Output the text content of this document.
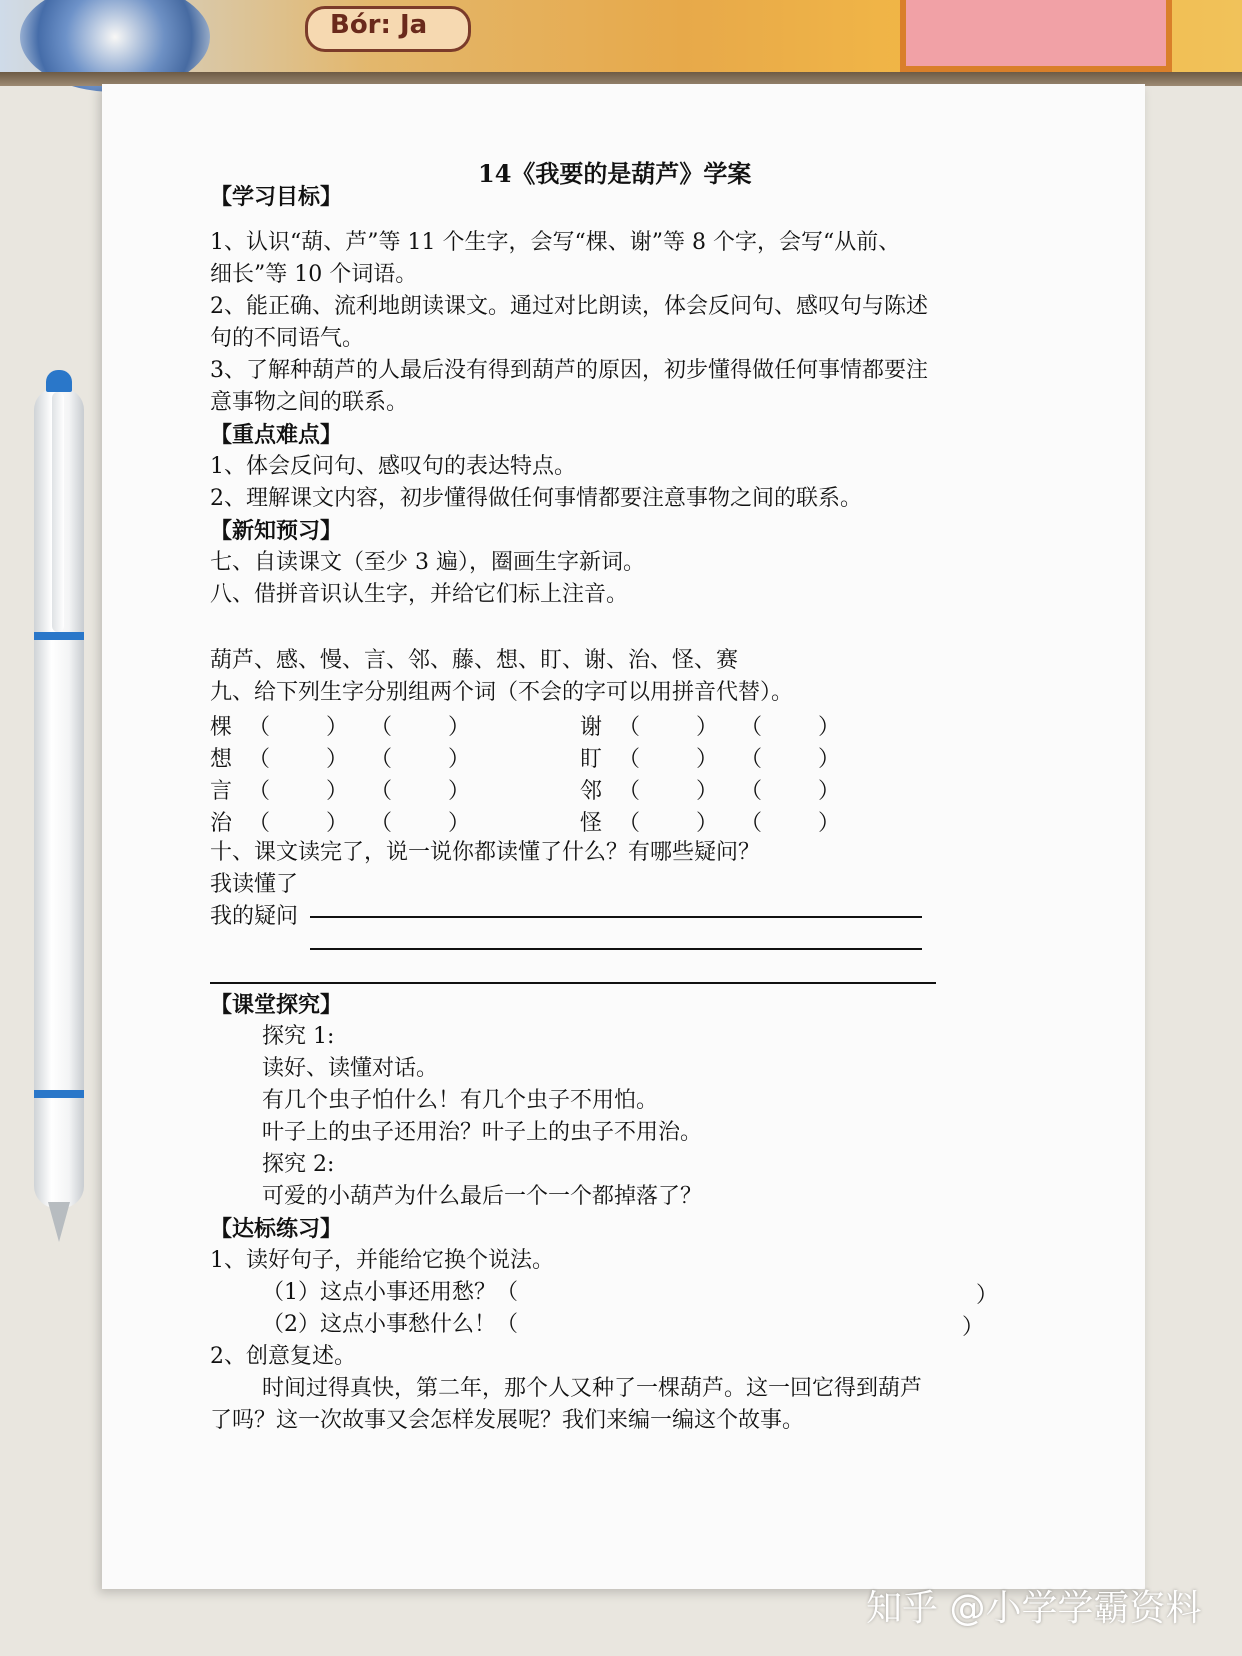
Bór: Ja
14《我要的是葫芦》学案
【学习目标】
1、认识“葫、芦”等 11 个生字，会写“棵、谢”等 8 个字，会写“从前、
细长”等 10 个词语。
2、能正确、流利地朗读课文。通过对比朗读，体会反问句、感叹句与陈述
句的不同语气。
3、了解种葫芦的人最后没有得到葫芦的原因，初步懂得做任何事情都要注
意事物之间的联系。
【重点难点】
1、体会反问句、感叹句的表达特点。
2、理解课文内容，初步懂得做任何事情都要注意事物之间的联系。
【新知预习】
七、自读课文（至少 3 遍），圈画生字新词。
八、借拼音识认生字，并给它们标上注音。
葫芦、感、慢、言、邻、藤、想、盯、谢、治、怪、赛
九、给下列生字分别组两个词（不会的字可以用拼音代替）。
棵 （        ） （        ）	谢 （        ） （        ）
想 （        ） （        ）	盯 （        ） （        ）
言 （        ） （        ）	邻 （        ） （        ）
治 （        ） （        ）	怪 （        ） （        ）
十、课文读完了，说一说你都读懂了什么？有哪些疑问？
我读懂了
我的疑问
【课堂探究】
探究 1:
读好、读懂对话。
有几个虫子怕什么！有几个虫子不用怕。
叶子上的虫子还用治？叶子上的虫子不用治。
探究 2:
可爱的小葫芦为什么最后一个一个都掉落了？
【达标练习】
1、读好句子，并能给它换个说法。
（1）这点小事还用愁？（	）
（2）这点小事愁什么！（	）
2、创意复述。
时间过得真快，第二年，那个人又种了一棵葫芦。这一回它得到葫芦
了吗？这一次故事又会怎样发展呢？我们来编一编这个故事。
知乎 @小学学霸资料
